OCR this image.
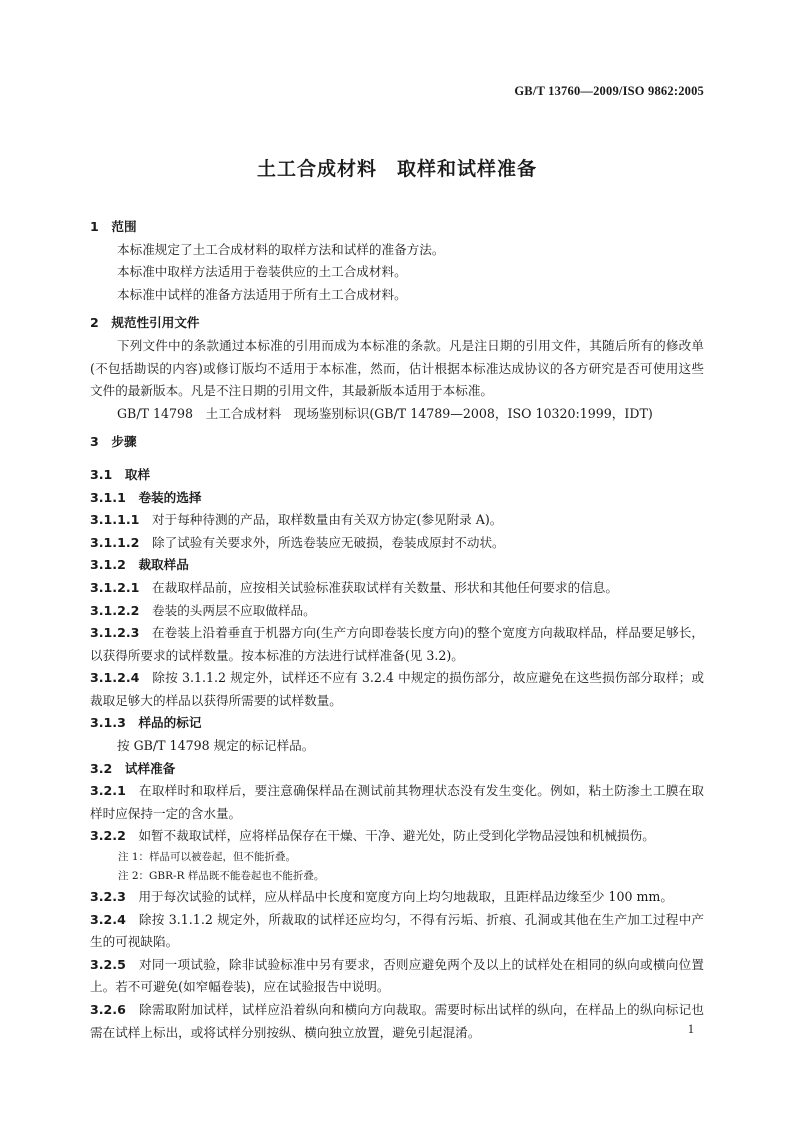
GB/T 13760—2009/ISO 9862:2005
土工合成材料　取样和试样准备

1　范围

本标准规定了土工合成材料的取样方法和试样的准备方法。

本标准中取样方法适用于卷装供应的土工合成材料。

本标准中试样的准备方法适用于所有土工合成材料。

2　规范性引用文件

下列文件中的条款通过本标准的引用而成为本标准的条款。凡是注日期的引用文件，其随后所有的修改单(不包括勘误的内容)或修订版均不适用于本标准，然而，估计根据本标准达成协议的各方研究是否可使用这些文件的最新版本。凡是不注日期的引用文件，其最新版本适用于本标准。

GB/T 14798　土工合成材料　现场鉴别标识(GB/T 14789—2008，ISO 10320:1999，IDT)

3　步骤

3.1　取样

3.1.1　卷装的选择

3.1.1.1　 对于每种待测的产品，取样数量由有关双方协定(参见附录 A)。

3.1.1.2　 除了试验有关要求外，所选卷装应无破损，卷装成原封不动状。

3.1.2　裁取样品

3.1.2.1　 在裁取样品前，应按相关试验标准获取试样有关数量、形状和其他任何要求的信息。

3.1.2.2　 卷装的头两层不应取做样品。

3.1.2.3　 在卷装上沿着垂直于机器方向(生产方向即卷装长度方向)的整个宽度方向裁取样品，样品要足够长，以获得所要求的试样数量。按本标准的方法进行试样准备(见 3.2)。

3.1.2.4　 除按 3.1.1.2 规定外，试样还不应有 3.2.4 中规定的损伤部分，故应避免在这些损伤部分取样；或裁取足够大的样品以获得所需要的试样数量。

3.1.3　样品的标记

按 GB/T 14798 规定的标记样品。

3.2　试样准备

3.2.1　 在取样时和取样后，要注意确保样品在测试前其物理状态没有发生变化。例如，粘土防渗土工膜在取样时应保持一定的含水量。

3.2.2　 如暂不裁取试样，应将样品保存在干燥、干净、避光处，防止受到化学物品浸蚀和机械损伤。

注 1：样品可以被卷起，但不能折叠。

注 2：GBR-R 样品既不能卷起也不能折叠。

3.2.3　 用于每次试验的试样，应从样品中长度和宽度方向上均匀地裁取，且距样品边缘至少 100 mm。

3.2.4　 除按 3.1.1.2 规定外，所裁取的试样还应均匀，不得有污垢、折痕、孔洞或其他在生产加工过程中产生的可视缺陷。

3.2.5　 对同一项试验，除非试验标准中另有要求，否则应避免两个及以上的试样处在相同的纵向或横向位置上。若不可避免(如窄幅卷装)，应在试验报告中说明。

3.2.6　 除需取附加试样，试样应沿着纵向和横向方向裁取。需要时标出试样的纵向，在样品上的纵向标记也需在试样上标出，或将试样分别按纵、横向独立放置，避免引起混淆。	1
